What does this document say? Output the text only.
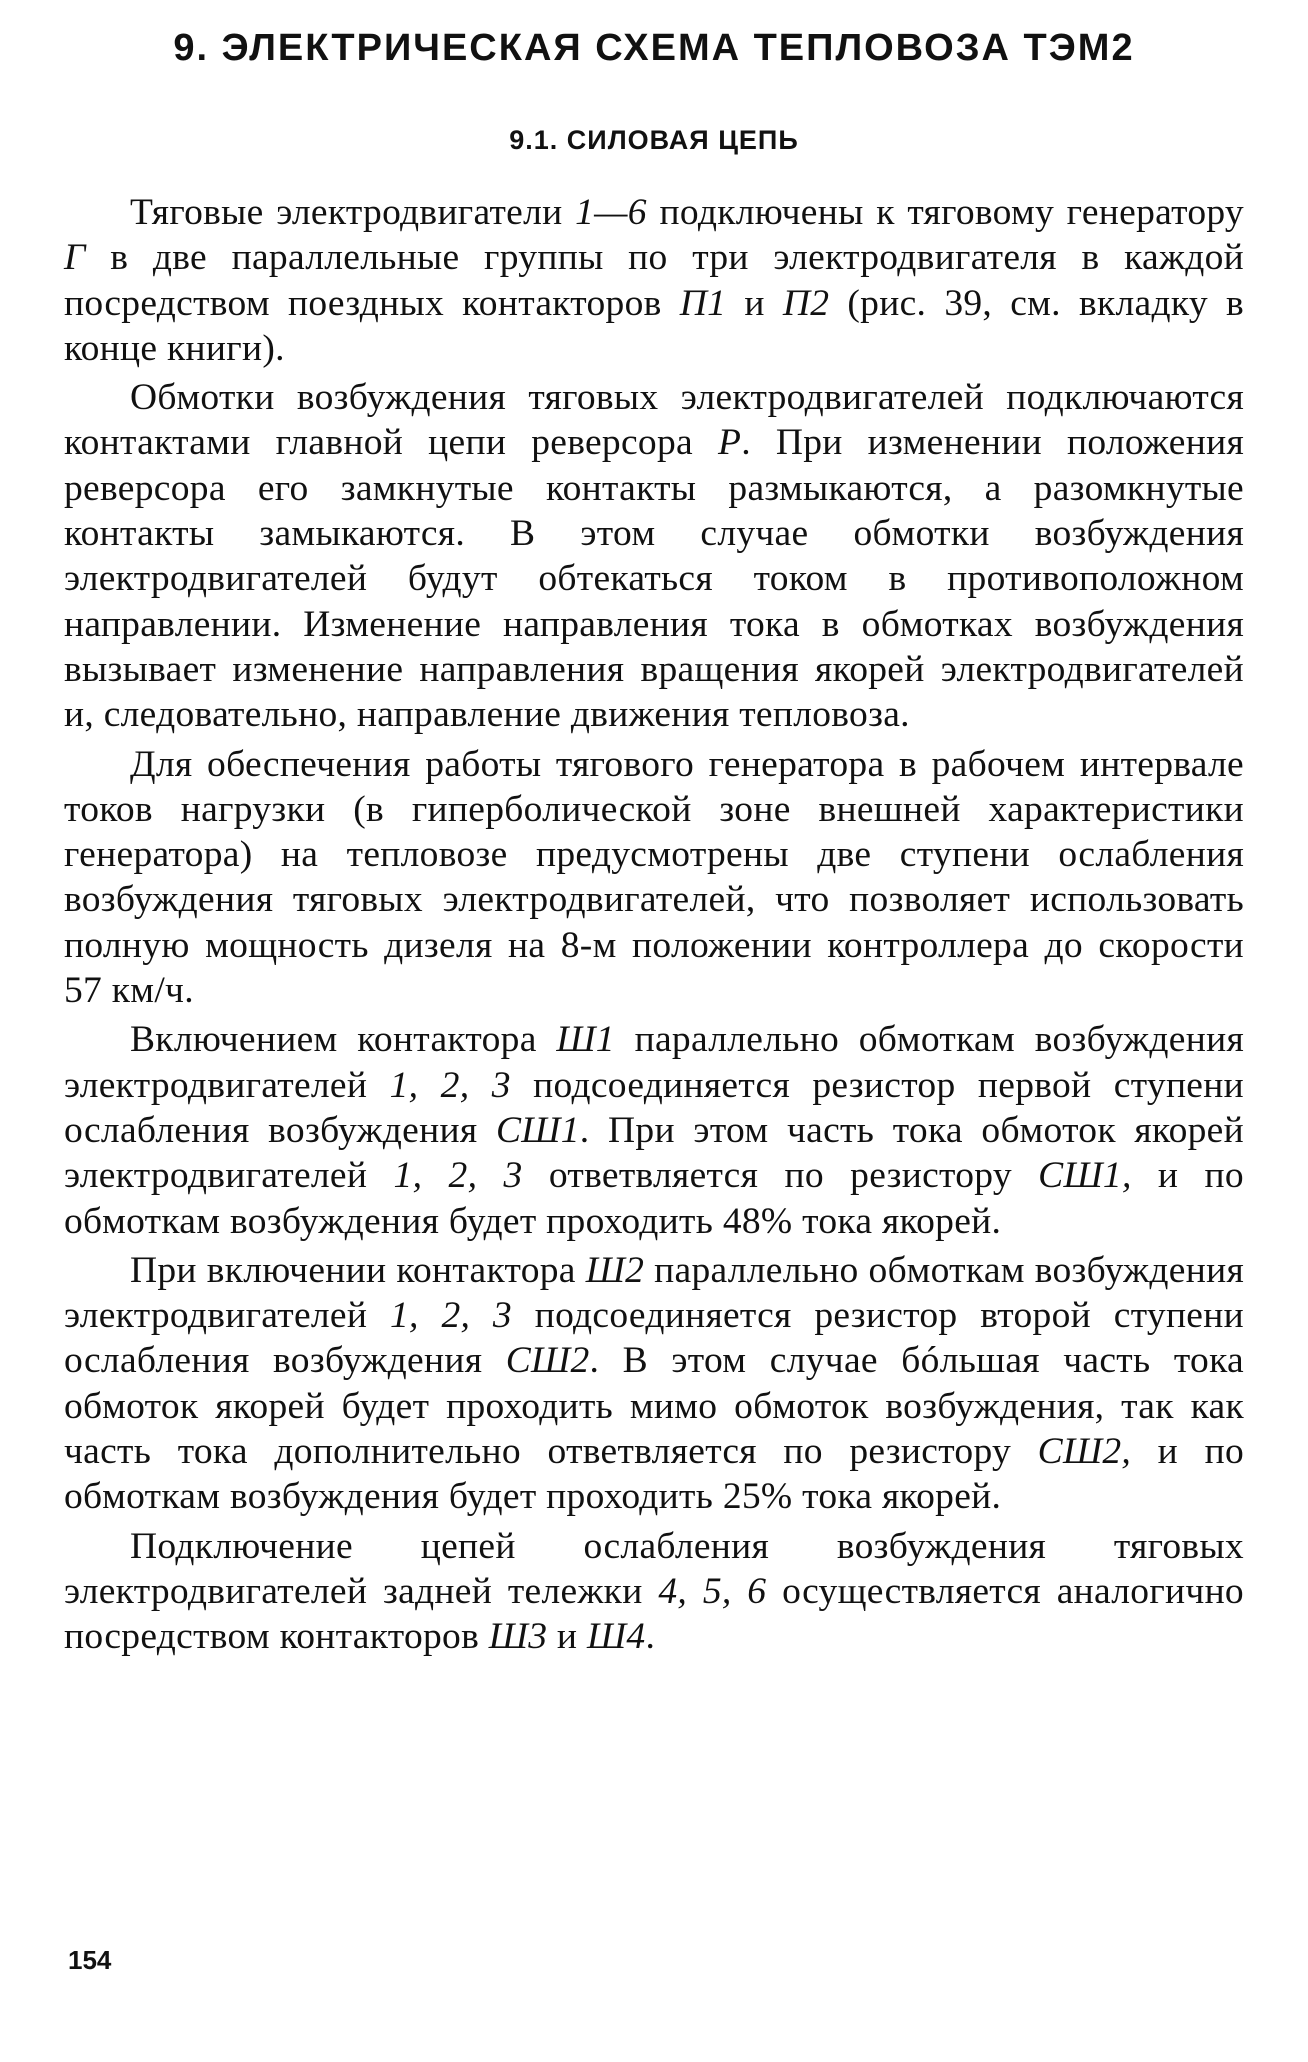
9. ЭЛЕКТРИЧЕСКАЯ СХЕМА ТЕПЛОВОЗА ТЭМ2
9.1. СИЛОВАЯ ЦЕПЬ

Тяговые электродвигатели 1—6 подключены к тяговому генератору Г в две параллельные группы по три электродвигателя в каждой посредством поездных контакторов П1 и П2 (рис. 39, см. вкладку в конце книги).

Обмотки возбуждения тяговых электродвигателей подключаются контактами главной цепи реверсора Р. При изменении положения реверсора его замкнутые контакты размыкаются, а разомкнутые контакты замыкаются. В этом случае обмотки возбуждения электродвигателей будут обтекаться током в противоположном направлении. Изменение направления тока в обмотках возбуждения вызывает изменение направления вращения якорей электродвигателей и, следовательно, направление движения тепловоза.

Для обеспечения работы тягового генератора в рабочем интервале токов нагрузки (в гиперболической зоне внешней характеристики генератора) на тепловозе предусмотрены две ступени ослабления возбуждения тяговых электродвигателей, что позволяет использовать полную мощность дизеля на 8-м положении контроллера до скорости 57 км/ч.

Включением контактора Ш1 параллельно обмоткам возбуждения электродвигателей 1, 2, 3 подсоединяется резистор первой ступени ослабления возбуждения СШ1. При этом часть тока обмоток якорей электродвигателей 1, 2, 3 ответвляется по резистору СШ1, и по обмоткам возбуждения будет проходить 48% тока якорей.

При включении контактора Ш2 параллельно обмоткам возбуждения электродвигателей 1, 2, 3 подсоединяется резистор второй ступени ослабления возбуждения СШ2. В этом случае бóльшая часть тока обмоток якорей будет проходить мимо обмоток возбуждения, так как часть тока дополнительно ответвляется по резистору СШ2, и по обмоткам возбуждения будет проходить 25% тока якорей.

Подключение цепей ослабления возбуждения тяговых электродвигателей задней тележки 4, 5, 6 осуществляется аналогично посредством контакторов Ш3 и Ш4.

154
